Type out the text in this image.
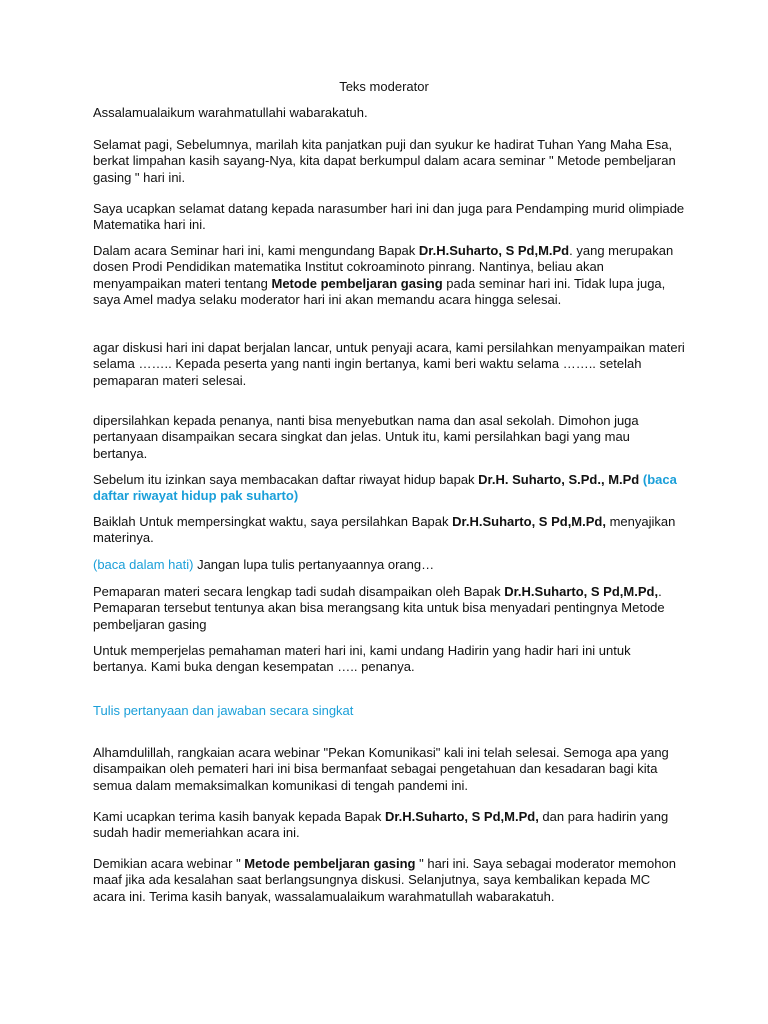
Teks moderator

Assalamualaikum warahmatullahi wabarakatuh.

Selamat pagi, Sebelumnya, marilah kita panjatkan puji dan syukur ke hadirat Tuhan Yang Maha Esa, berkat limpahan kasih sayang-Nya, kita dapat berkumpul dalam acara seminar " Metode pembeljaran gasing " hari ini.

Saya ucapkan selamat datang kepada narasumber hari ini dan juga para Pendamping murid olimpiade Matematika hari ini.

Dalam acara Seminar hari ini, kami mengundang Bapak Dr.H.Suharto, S Pd,M.Pd. yang merupakan dosen Prodi Pendidikan matematika Institut cokroaminoto pinrang. Nantinya, beliau akan menyampaikan materi tentang Metode pembeljaran gasing pada seminar hari ini. Tidak lupa juga, saya Amel madya selaku moderator hari ini akan memandu acara hingga selesai.

agar diskusi hari ini dapat berjalan lancar, untuk penyaji acara, kami persilahkan menyampaikan materi selama …….. Kepada peserta yang nanti ingin bertanya, kami beri waktu selama …….. setelah pemaparan materi selesai.

dipersilahkan kepada penanya, nanti bisa menyebutkan nama dan asal sekolah. Dimohon juga pertanyaan disampaikan secara singkat dan jelas. Untuk itu, kami persilahkan bagi yang mau bertanya.

Sebelum itu izinkan saya membacakan daftar riwayat hidup bapak Dr.H. Suharto, S.Pd., M.Pd (baca daftar riwayat hidup pak suharto)

Baiklah Untuk mempersingkat waktu, saya persilahkan Bapak Dr.H.Suharto, S Pd,M.Pd, menyajikan materinya.

(baca dalam hati) Jangan lupa tulis pertanyaannya orang…

Pemaparan materi secara lengkap tadi sudah disampaikan oleh Bapak Dr.H.Suharto, S Pd,M.Pd,. Pemaparan tersebut tentunya akan bisa merangsang kita untuk bisa menyadari pentingnya Metode pembeljaran gasing

Untuk memperjelas pemahaman materi hari ini, kami undang Hadirin yang hadir hari ini untuk bertanya. Kami buka dengan kesempatan ….. penanya.

Tulis pertanyaan dan jawaban secara singkat

Alhamdulillah, rangkaian acara webinar "Pekan Komunikasi" kali ini telah selesai. Semoga apa yang disampaikan oleh pemateri hari ini bisa bermanfaat sebagai pengetahuan dan kesadaran bagi kita semua dalam memaksimalkan komunikasi di tengah pandemi ini.

Kami ucapkan terima kasih banyak kepada Bapak Dr.H.Suharto, S Pd,M.Pd, dan para hadirin yang sudah hadir memeriahkan acara ini.

Demikian acara webinar " Metode pembeljaran gasing " hari ini. Saya sebagai moderator memohon maaf jika ada kesalahan saat berlangsungnya diskusi. Selanjutnya, saya kembalikan kepada MC acara ini. Terima kasih banyak, wassalamualaikum warahmatullah wabarakatuh.
